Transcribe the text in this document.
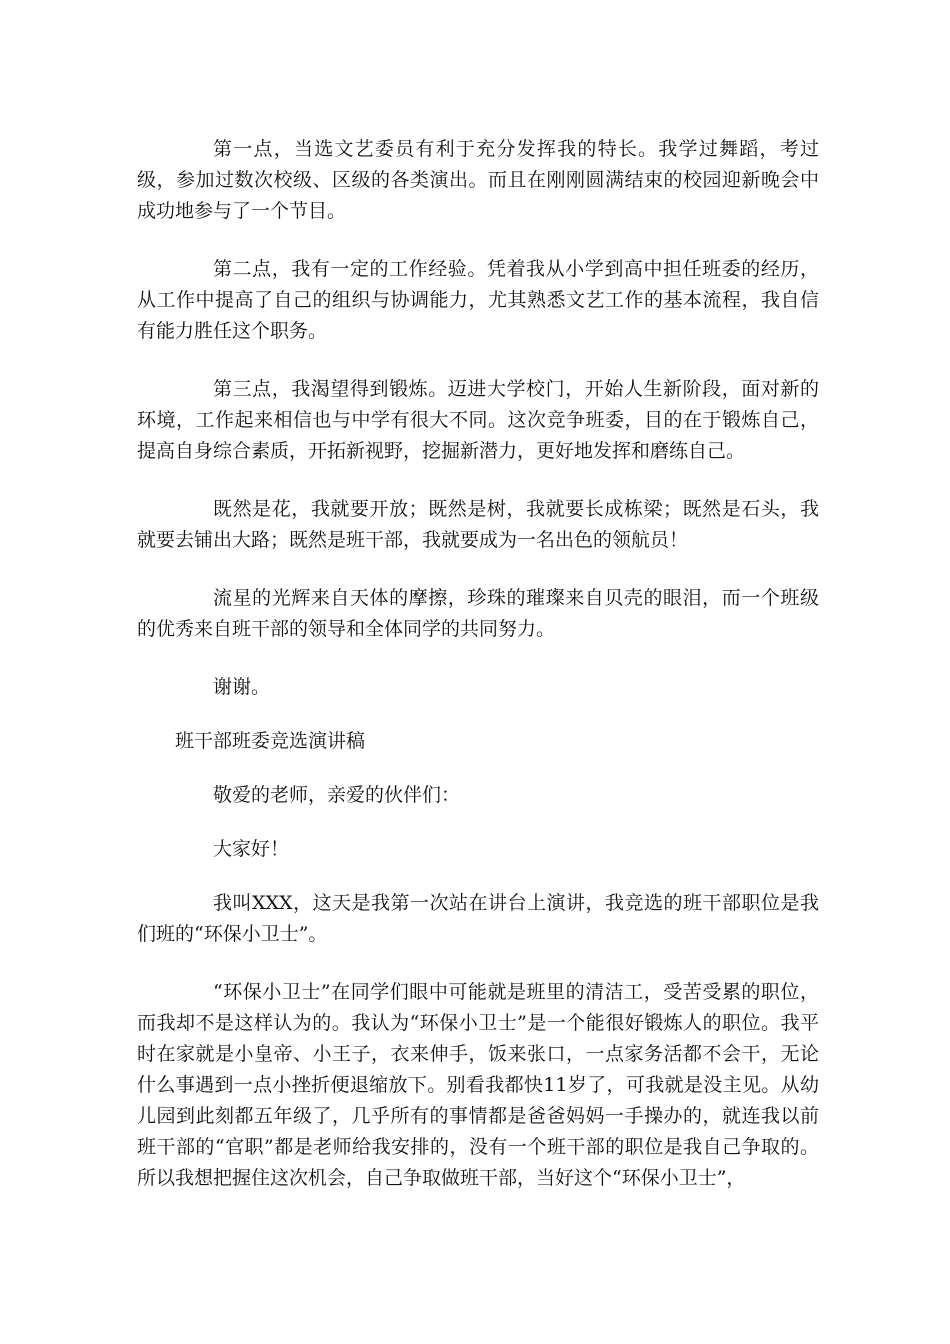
第一点，当选文艺委员有利于充分发挥我的特长。我学过舞蹈，考过级，参加过数次校级、区级的各类演出。而且在刚刚圆满结束的校园迎新晚会中成功地参与了一个节目。

第二点，我有一定的工作经验。凭着我从小学到高中担任班委的经历，从工作中提高了自己的组织与协调能力，尤其熟悉文艺工作的基本流程，我自信有能力胜任这个职务。

第三点，我渴望得到锻炼。迈进大学校门，开始人生新阶段，面对新的环境，工作起来相信也与中学有很大不同。这次竞争班委，目的在于锻炼自己，提高自身综合素质，开拓新视野，挖掘新潜力，更好地发挥和磨练自己。

既然是花，我就要开放；既然是树，我就要长成栋梁；既然是石头，我就要去铺出大路；既然是班干部，我就要成为一名出色的领航员！

流星的光辉来自天体的摩擦，珍珠的璀璨来自贝壳的眼泪，而一个班级的优秀来自班干部的领导和全体同学的共同努力。

谢谢。

班干部班委竞选演讲稿

敬爱的老师，亲爱的伙伴们：

大家好！

我叫XXX，这天是我第一次站在讲台上演讲，我竞选的班干部职位是我们班的“环保小卫士”。

“环保小卫士”在同学们眼中可能就是班里的清洁工，受苦受累的职位，而我却不是这样认为的。我认为“环保小卫士”是一个能很好锻炼人的职位。我平时在家就是小皇帝、小王子，衣来伸手，饭来张口，一点家务活都不会干，无论什么事遇到一点小挫折便退缩放下。别看我都快11岁了，可我就是没主见。从幼儿园到此刻都五年级了，几乎所有的事情都是爸爸妈妈一手操办的，就连我以前班干部的“官职”都是老师给我安排的，没有一个班干部的职位是我自己争取的。所以我想把握住这次机会，自己争取做班干部，当好这个“环保小卫士”，
